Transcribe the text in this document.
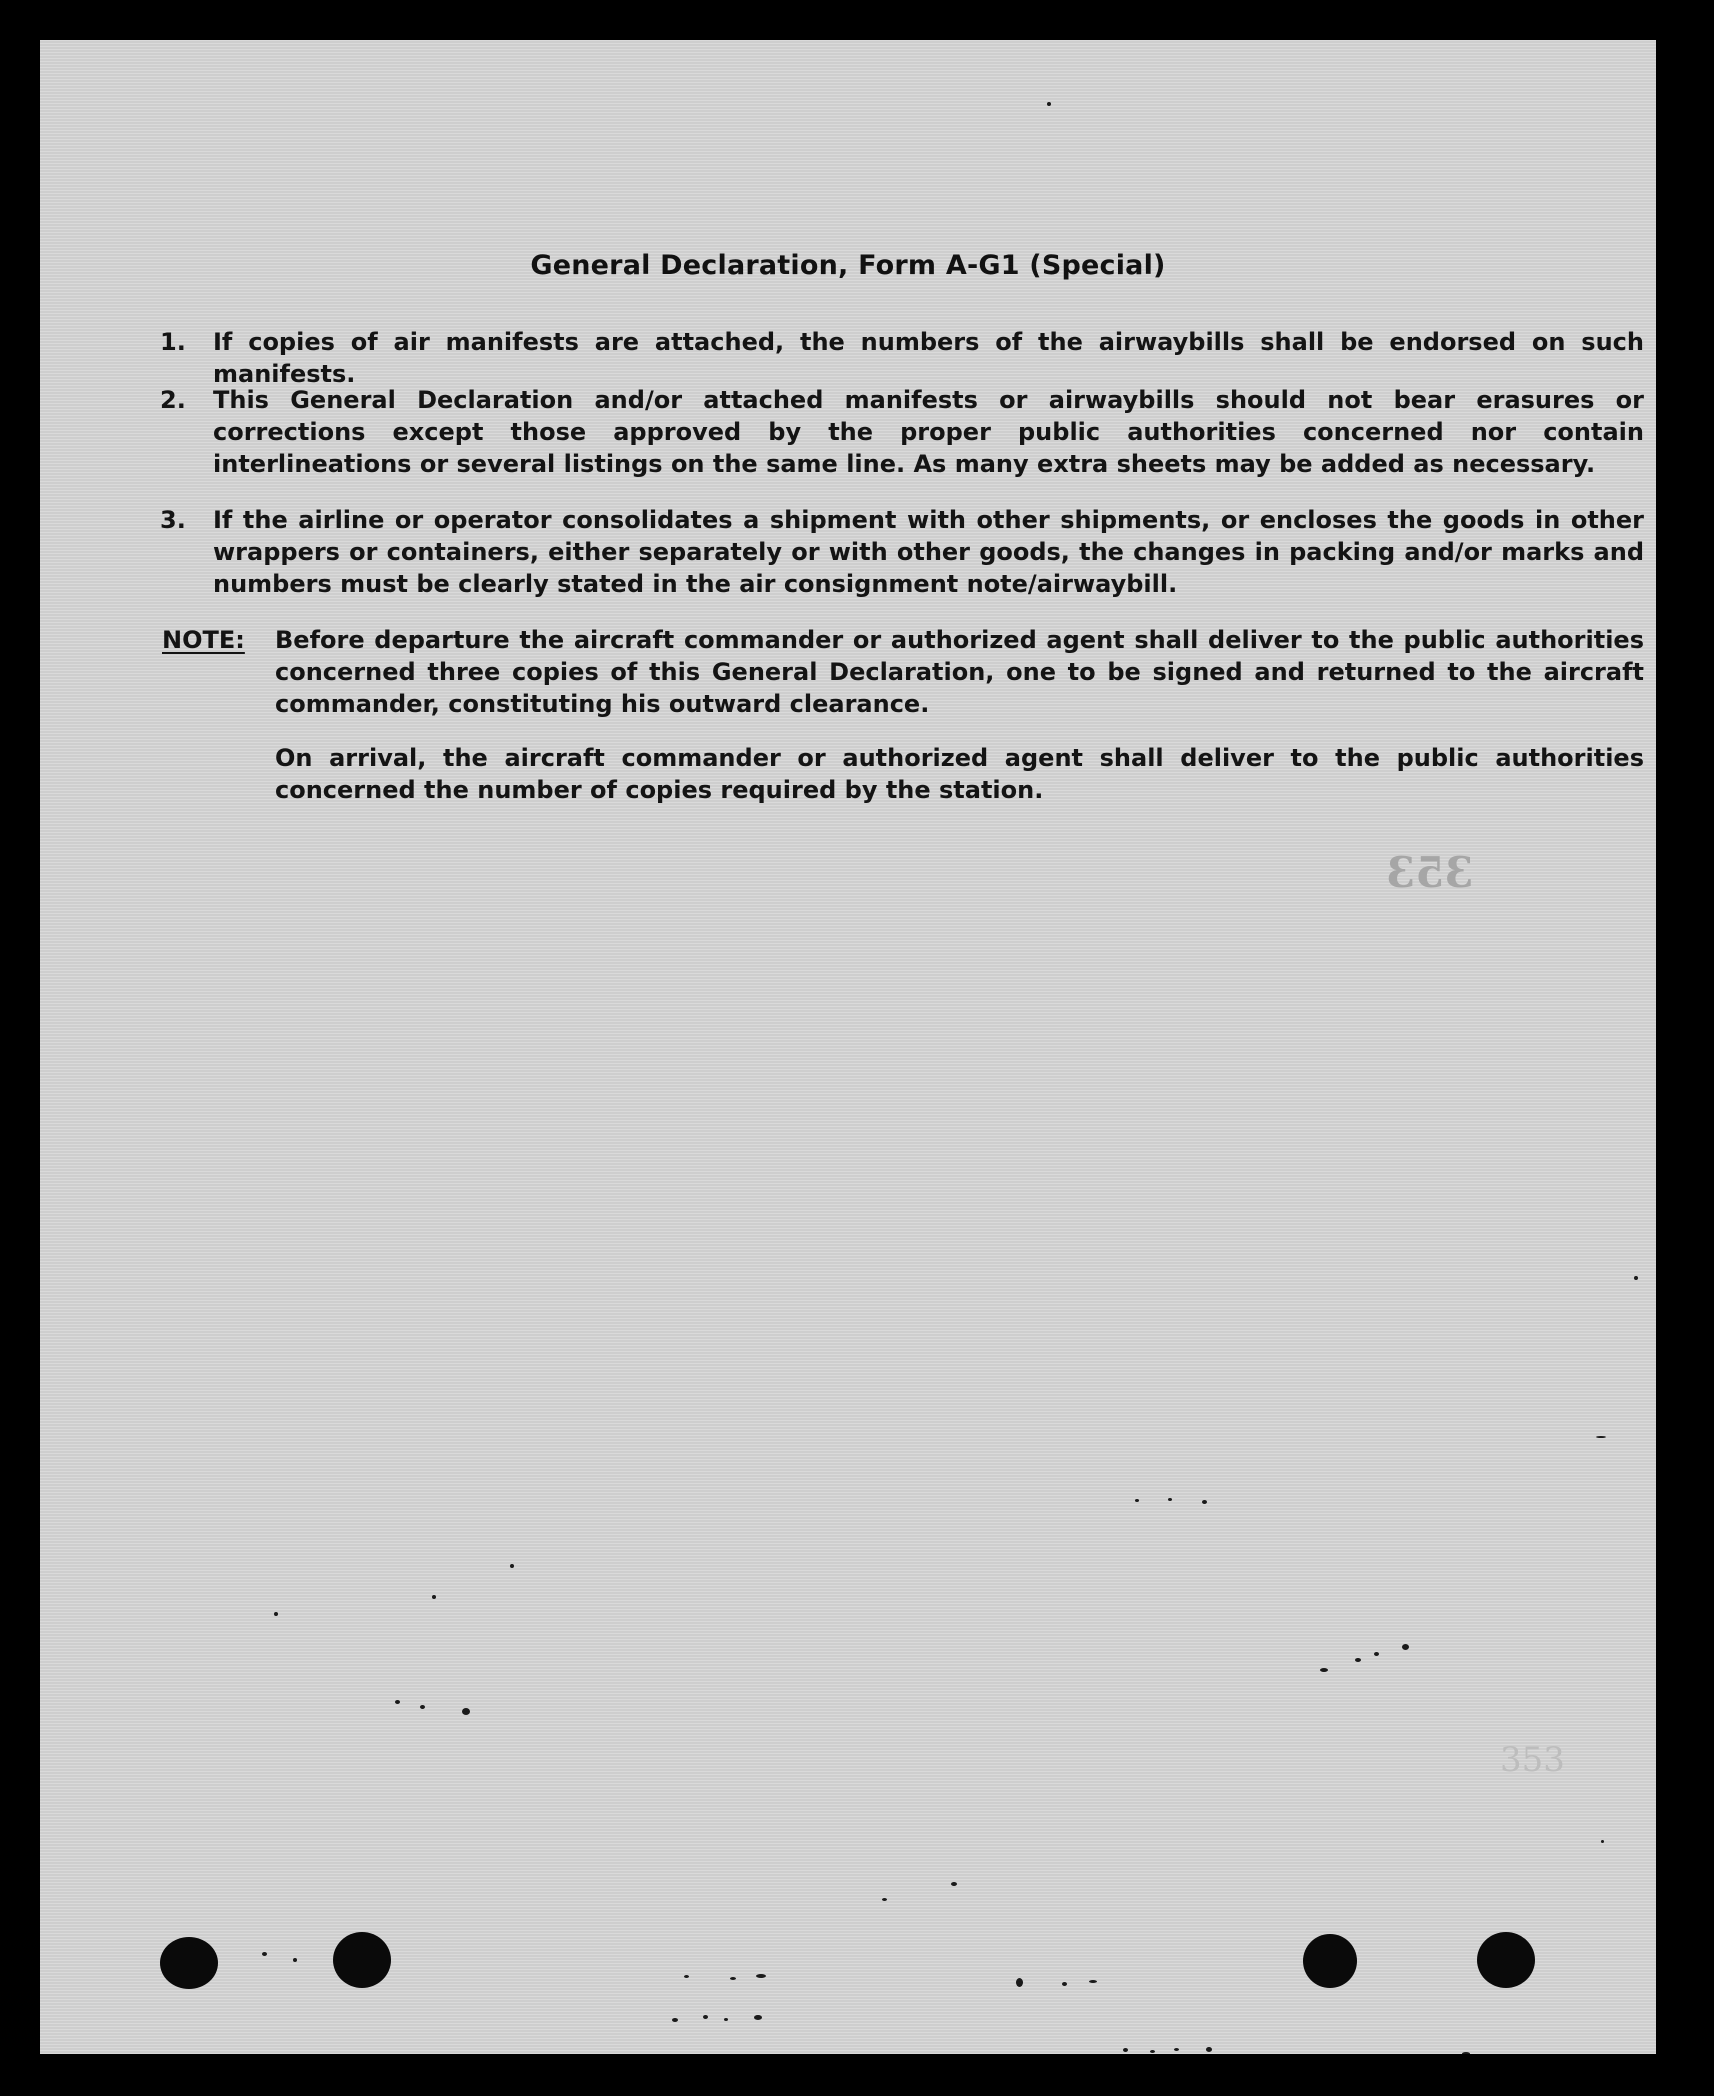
General Declaration, Form A-G1 (Special)
1.	If copies of air manifests are attached, the numbers of the airwaybills shall be endorsed on such manifests.
2.	This General Declaration and/or attached manifests or airwaybills should not bear erasures or corrections except those approved by the proper public authorities concerned nor contain interlineations or several listings on the same line. As many extra sheets may be added as necessary.
3.	If the airline or operator consolidates a shipment with other shipments, or encloses the goods in other wrappers or containers, either separately or with other goods, the changes in packing and/or marks and numbers must be clearly stated in the air consignment note/airwaybill.
NOTE: Before departure the aircraft commander or authorized agent shall deliver to the public authorities concerned three copies of this General Declaration, one to be signed and returned to the aircraft commander, constituting his outward clearance.
On arrival, the aircraft commander or authorized agent shall deliver to the public authorities concerned the number of copies required by the station.
353
353
